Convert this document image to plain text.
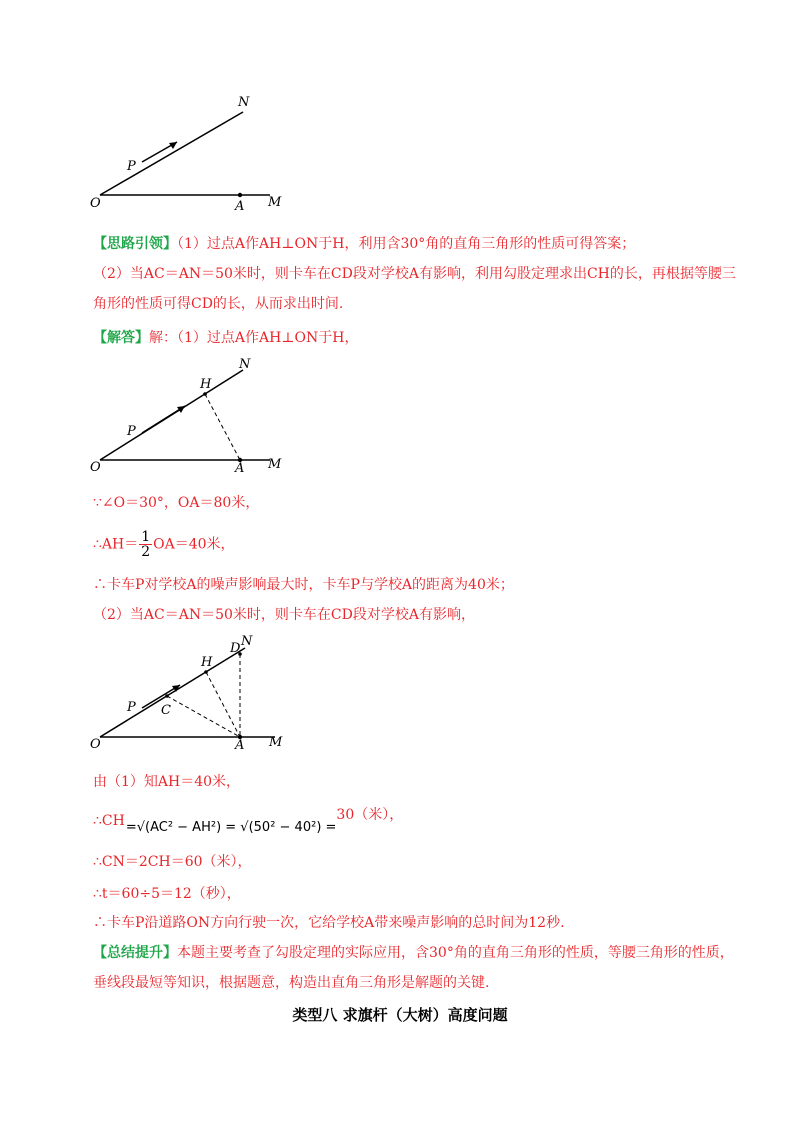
N
P
O	A M
【思路引领】（1）过点A作AH⊥ON于H，利用含30°角的直角三角形的性质可得答案；
（2）当AC＝AN＝50米时，则卡车在CD段对学校A有影响，利用勾股定理求出CH的长，再根据等腰三角形的性质可得CD的长，从而求出时间.
【解答】解：（1）过点A作AH⊥ON于H，
N
H
P
O	A M
∵∠O＝30°，OA＝80米，
∴AH＝ $\frac{1}{2} OA=40$米，
∴卡车P对学校A的噪声影响最大时，卡车P与学校A的距离为40米；
（2）当AC＝AN＝50米时，则卡车在CD段对学校A有影响，
D N
H
P C
O	A M
由（1）知AH＝40米，
∴CH=√(AC² − AH²) = √(50² − 40²) =30（米），
∴CN＝2CH＝60（米），
∴t＝60÷5＝12（秒），
∴卡车P沿道路ON方向行驶一次，它给学校A带来噪声影响的总时间为12秒.
【总结提升】本题主要考查了勾股定理的实际应用，含30°角的直角三角形的性质，等腰三角形的性质，垂线段最短等知识，根据题意，构造出直角三角形是解题的关键.
类型八 求旗杆（大树）高度问题
